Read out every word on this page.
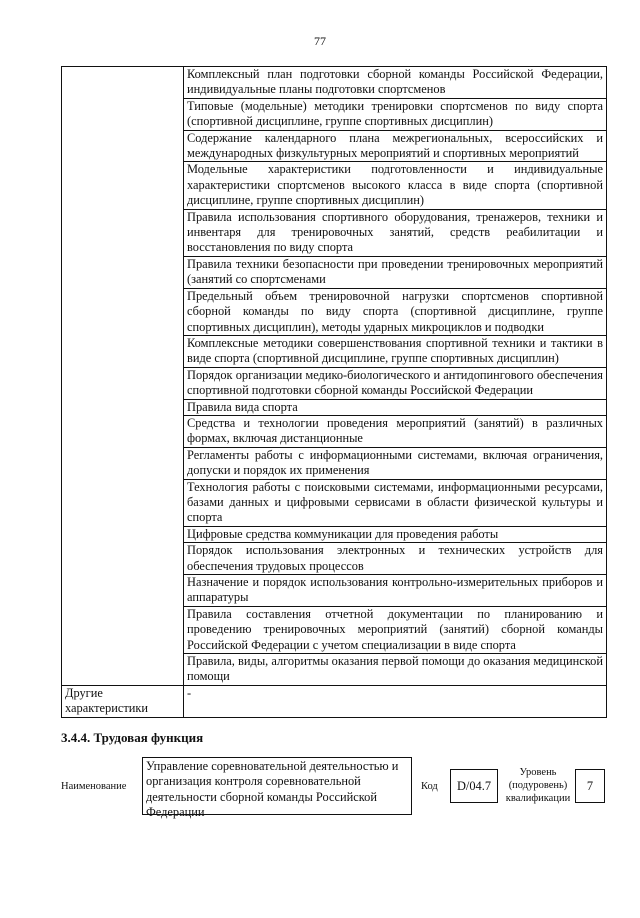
77
	Комплексный план подготовки сборной команды Российской Федерации, индивидуальные планы подготовки спортсменов
	Типовые (модельные) методики тренировки спортсменов по виду спорта (спортивной дисциплине, группе спортивных дисциплин)
	Содержание календарного плана межрегиональных, всероссийских и международных физкультурных мероприятий и спортивных мероприятий
	Модельные характеристики подготовленности и индивидуальные характеристики спортсменов высокого класса в виде спорта (спортивной дисциплине, группе спортивных дисциплин)
	Правила использования спортивного оборудования, тренажеров, техники и инвентаря для тренировочных занятий, средств реабилитации и восстановления по виду спорта
	Правила техники безопасности при проведении тренировочных мероприятий (занятий со спортсменами
	Предельный объем тренировочной нагрузки спортсменов спортивной сборной команды по виду спорта (спортивной дисциплине, группе спортивных дисциплин), методы ударных микроциклов и подводки
	Комплексные методики совершенствования спортивной техники и тактики в виде спорта (спортивной дисциплине, группе спортивных дисциплин)
	Порядок организации медико-биологического и антидопингового обеспечения спортивной подготовки сборной команды Российской Федерации
	Правила вида спорта
	Средства и технологии проведения мероприятий (занятий) в различных формах, включая дистанционные
	Регламенты работы с информационными системами, включая ограничения, допуски и порядок их применения
	Технология работы с поисковыми системами, информационными ресурсами, базами данных и цифровыми сервисами в области физической культуры и спорта
	Цифровые средства коммуникации для проведения работы
	Порядок использования электронных и технических устройств для обеспечения трудовых процессов
	Назначение и порядок использования контрольно-измерительных приборов и аппаратуры
	Правила составления отчетной документации по планированию и проведению тренировочных мероприятий (занятий) сборной команды Российской Федерации с учетом специализации в виде спорта
	Правила, виды, алгоритмы оказания первой помощи до оказания медицинской помощи
Другие характеристики	-
3.4.4. Трудовая функция
Наименование
Управление соревновательной деятельностью и организация контроля соревновательной деятельности сборной команды Российской Федерации
Код	D/04.7
Уровень (подуровень) квалификации
7
